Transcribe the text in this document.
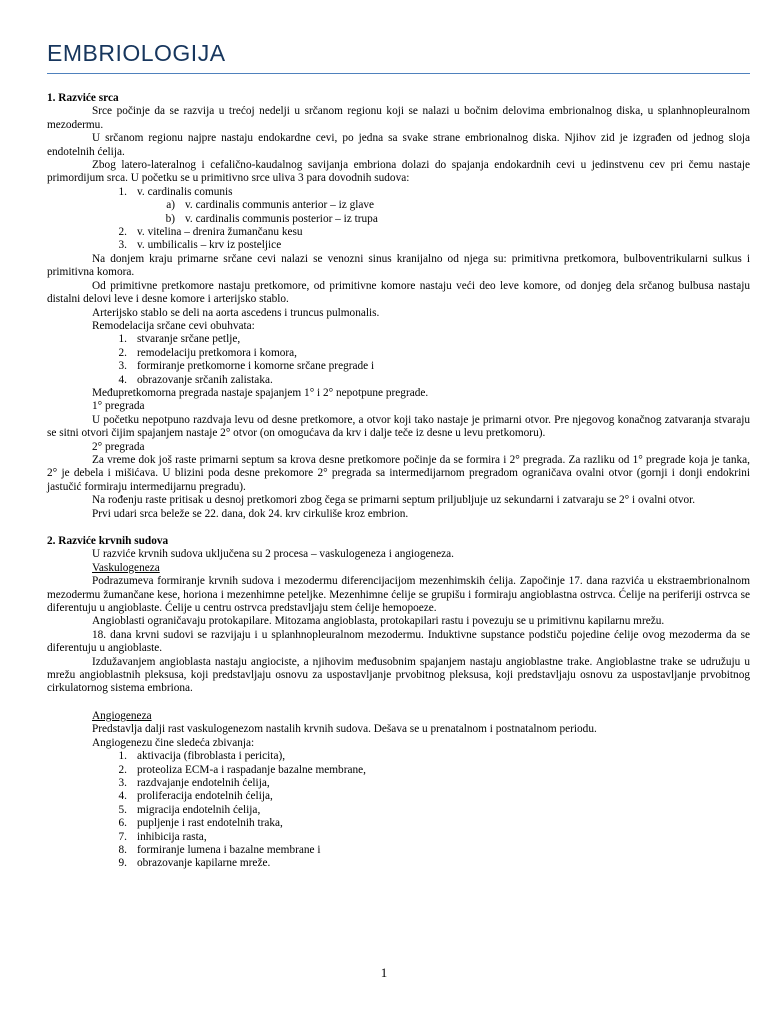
EMBRIOLOGIJA

1. Razviće srca

Srce počinje da se razvija u trećoj nedelji u srčanom regionu koji se nalazi u bočnim delovima embrionalnog diska, u splanhnopleuralnom mezodermu.

U srčanom regionu najpre nastaju endokardne cevi, po jedna sa svake strane embrionalnog diska. Njihov zid je izgrađen od jednog sloja endotelnih ćelija.

Zbog latero-lateralnog i cefalično-kaudalnog savijanja embriona dolazi do spajanja endokardnih cevi u jedinstvenu cev pri čemu nastaje primordijum srca. U početku se u primitivno srce uliva 3 para dovodnih sudova:

1. v. cardinalis comunis
a) v. cardinalis communis anterior – iz glave
b) v. cardinalis communis posterior – iz trupa
2. v. vitelina – drenira žumančanu kesu
3. v. umbilicalis – krv iz posteljice

Na donjem kraju primarne srčane cevi nalazi se venozni sinus kranijalno od njega su: primitivna pretkomora, bulboventrikularni sulkus i primitivna komora.

Od primitivne pretkomore nastaju pretkomore, od primitivne komore nastaju veći deo leve komore, od donjeg dela srčanog bulbusa nastaju distalni delovi leve i desne komore i arterijsko stablo.

Arterijsko stablo se deli na aorta ascedens i truncus pulmonalis.

Remodelacija srčane cevi obuhvata:

1. stvaranje srčane petlje,
2. remodelaciju pretkomora i komora,
3. formiranje pretkomorne i komorne srčane pregrade i
4. obrazovanje srčanih zalistaka.

Međupretkomorna pregrada nastaje spajanjem 1° i 2° nepotpune pregrade.

1° pregrada

U početku nepotpuno razdvaja levu od desne pretkomore, a otvor koji tako nastaje je primarni otvor. Pre njegovog konačnog zatvaranja stvaraju se sitni otvori čijim spajanjem nastaje 2° otvor (on omogućava da krv i dalje teče iz desne u levu pretkomoru).

2° pregrada

Za vreme dok još raste primarni septum sa krova desne pretkomore počinje da se formira i 2° pregrada. Za razliku od 1° pregrade koja je tanka, 2° je debela i mišićava. U blizini poda desne prekomore 2° pregrada sa intermedijarnom pregradom ograničava ovalni otvor (gornji i donji endokrini jastučić formiraju intermedijarnu pregradu).

Na rođenju raste pritisak u desnoj pretkomori zbog čega se primarni septum priljubljuje uz sekundarni i zatvaraju se 2° i ovalni otvor.

Prvi udari srca beleže se 22. dana, dok 24. krv cirkuliše kroz embrion.

2. Razviće krvnih sudova

U razviće krvnih sudova uključena su 2 procesa – vaskulogeneza i angiogeneza.

Vaskulogeneza

Podrazumeva formiranje krvnih sudova i mezodermu diferencijacijom mezenhimskih ćelija. Započinje 17. dana razvića u ekstraembrionalnom mezodermu žumančane kese, horiona i mezenhimne peteljke. Mezenhimne ćelije se grupišu i formiraju angioblastna ostrvca. Ćelije na periferiji ostrvca se diferentuju u angioblaste. Ćelije u centru ostrvca predstavljaju stem ćelije hemopoeze.

Angioblasti ograničavaju protokapilare. Mitozama angioblasta, protokapilari rastu i povezuju se u primitivnu kapilarnu mrežu.

18. dana krvni sudovi se razvijaju i u splanhnopleuralnom mezodermu. Induktivne supstance podstiču pojedine ćelije ovog mezoderma da se diferentuju u angioblaste.

Izdužavanjem angioblasta nastaju angiociste, a njihovim međusobnim spajanjem nastaju angioblastne trake. Angioblastne trake se udružuju u mrežu angioblastnih pleksusa, koji predstavljaju osnovu za uspostavljanje prvobitnog pleksusa, koji predstavljaju osnovu za uspostavljanje prvobitnog cirkulatornog sistema embriona.

Angiogeneza

Predstavlja dalji rast vaskulogenezom nastalih krvnih sudova. Dešava se u prenatalnom i postnatalnom periodu.

Angiogenezu čine sledeća zbivanja:

1. aktivacija (fibroblasta i pericita),
2. proteoliza ECM-a i raspadanje bazalne membrane,
3. razdvajanje endotelnih ćelija,
4. proliferacija endotelnih ćelija,
5. migracija endotelnih ćelija,
6. pupljenje i rast endotelnih traka,
7. inhibicija rasta,
8. formiranje lumena i bazalne membrane i
9. obrazovanje kapilarne mreže.
1
